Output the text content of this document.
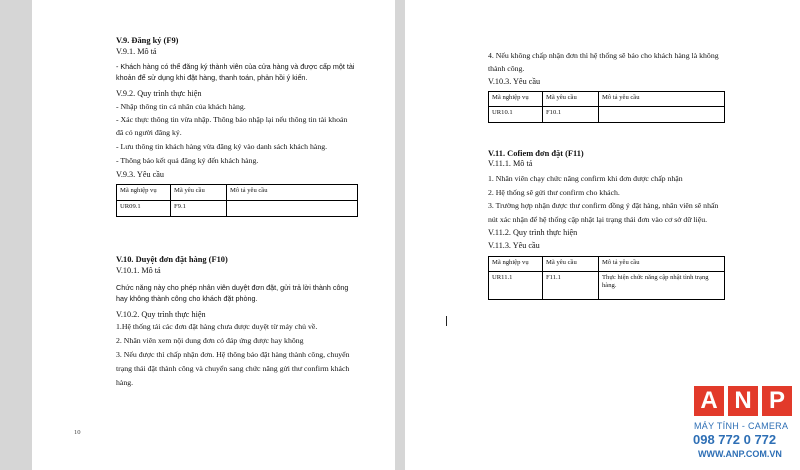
V.9. Đăng ký (F9)
V.9.1. Mô tả
- Khách hàng có thể đăng ký thành viên của cửa hàng và được cấp một tài
khoản để sử dụng khi đặt hàng, thanh toán, phản hồi ý kiến.
V.9.2. Quy trình thực hiện
- Nhập thông tin cá nhân của khách hàng.
- Xác thực thông tin vừa nhập. Thông báo nhập lại nếu thông tin tài khoản
đã có người đăng ký.
- Lưu thông tin khách hàng vừa đăng ký vào danh sách khách hàng.
- Thông báo kết quả đăng ký đến khách hàng.
V.9.3. Yêu cầu
Mã nghiệp vụ	Mã yêu cầu	Mô tả yêu cầu
UR09.1	F9.1	
V.10. Duyệt đơn đặt hàng (F10)
V.10.1. Mô tả
Chức năng này cho phép nhân viên duyệt đơn đặt, gửi trả lời thành công
hay không thành công cho khách đặt phòng.
V.10.2. Quy trình thực hiện
1.Hệ thống tải các đơn đặt hàng chưa được duyệt từ máy chủ về.
2. Nhân viên xem nội dung đơn có đáp ứng được hay không
3. Nếu được thì chấp nhận đơn. Hệ thông báo đặt hàng thành công, chuyển
trạng thái đặt thành công và chuyển sang chức năng gửi thư confirm khách
hàng.
10
4. Nếu không chấp nhận đơn thì hệ thống sẽ báo cho khách hàng là không
thành công.
V.10.3. Yêu cầu
Mã nghiệp vụ	Mã yêu cầu	Mô tả yêu cầu
UR10.1	F10.1	
V.11. Cofiem đơn đặt (F11)
V.11.1. Mô tả
1. Nhân viên chạy chức năng confirm khi đơn được chấp nhận
2. Hệ thống sẽ gửi thư confirm cho khách.
3. Trường hợp nhận được thư confirm đồng ý đặt hàng, nhân viên sẽ nhấn
nút xác nhận để hệ thống cập nhật lại trạng thái đơn vào cơ sở dữ liệu.
V.11.2. Quy trình thực hiện
V.11.3. Yêu cầu
Mã nghiệp vụ	Mã yêu cầu	Mô tả yêu cầu
UR11.1	F11.1	Thực hiện chức năng cập nhật tình trạng hàng.
A N P
MÁY TÍNH - CAMERA
098 772 0 772
WWW.ANP.COM.VN
